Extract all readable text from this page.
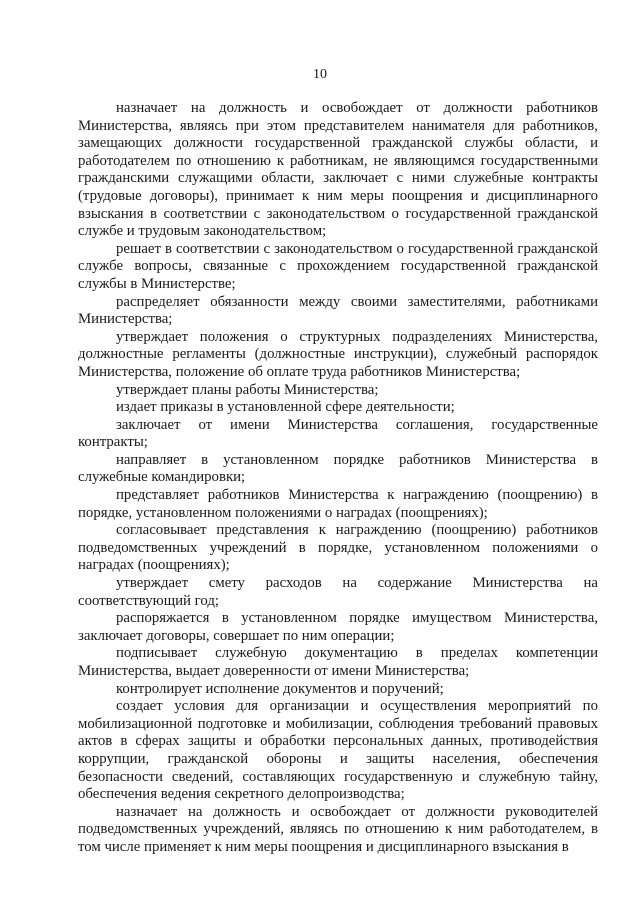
10

назначает на должность и освобождает от должности работников Министерства, являясь при этом представителем нанимателя для работников, замещающих должности государственной гражданской службы области, и работодателем по отношению к работникам, не являющимся государственными гражданскими служащими области, заключает с ними служебные контракты (трудовые договоры), принимает к ним меры поощрения и дисциплинарного взыскания в соответствии с законодательством о государственной гражданской службе и трудовым законодательством;

решает в соответствии с законодательством о государственной гражданской службе вопросы, связанные с прохождением государственной гражданской службы в Министерстве;

распределяет обязанности между своими заместителями, работниками Министерства;

утверждает положения о структурных подразделениях Министерства, должностные регламенты (должностные инструкции), служебный распорядок Министерства, положение об оплате труда работников Министерства;

утверждает планы работы Министерства;

издает приказы в установленной сфере деятельности;

заключает от имени Министерства соглашения, государственные контракты;

направляет в установленном порядке работников Министерства в служебные командировки;

представляет работников Министерства к награждению (поощрению) в порядке, установленном положениями о наградах (поощрениях);

согласовывает представления к награждению (поощрению) работников подведомственных учреждений в порядке, установленном положениями о наградах (поощрениях);

утверждает смету расходов на содержание Министерства на соответствующий год;

распоряжается в установленном порядке имуществом Министерства, заключает договоры, совершает по ним операции;

подписывает служебную документацию в пределах компетенции Министерства, выдает доверенности от имени Министерства;

контролирует исполнение документов и поручений;

создает условия для организации и осуществления мероприятий по мобилизационной подготовке и мобилизации, соблюдения требований правовых актов в сферах защиты и обработки персональных данных, противодействия коррупции, гражданской обороны и защиты населения, обеспечения безопасности сведений, составляющих государственную и служебную тайну, обеспечения ведения секретного делопроизводства;

назначает на должность и освобождает от должности руководителей подведомственных учреждений, являясь по отношению к ним работодателем, в том числе применяет к ним меры поощрения и дисциплинарного взыскания в
